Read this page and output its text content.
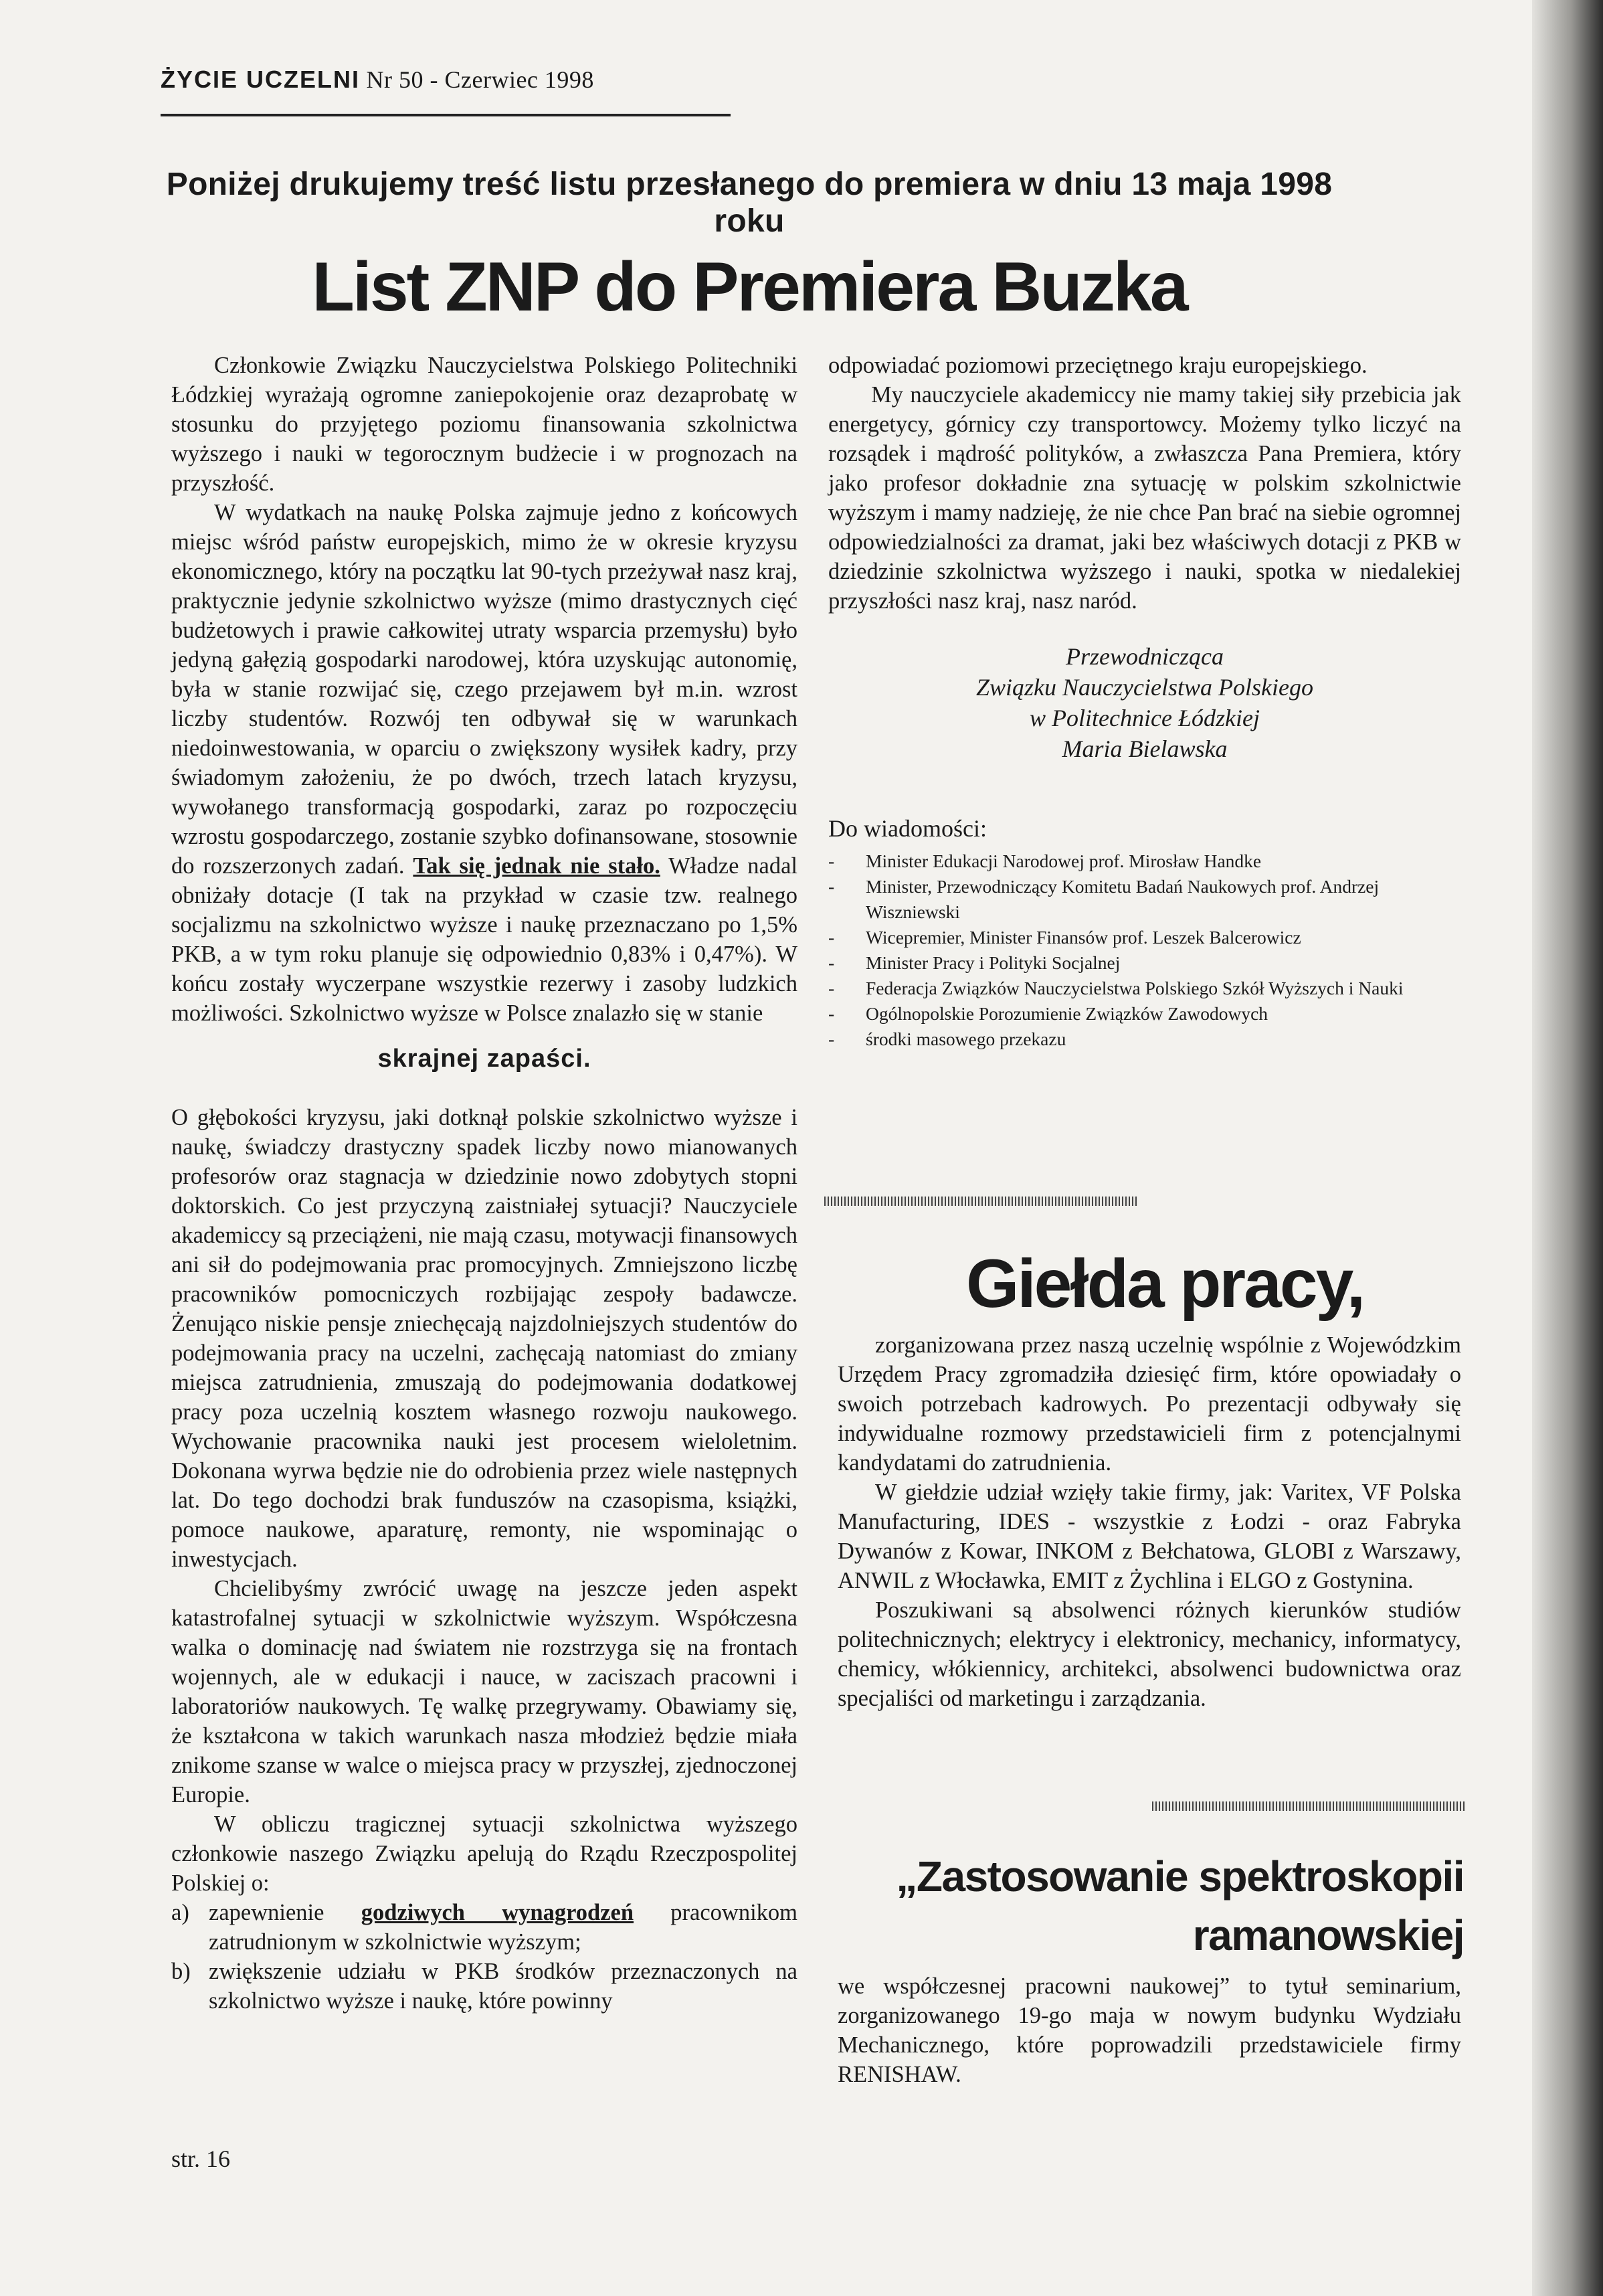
ŻYCIE UCZELNI Nr 50 - Czerwiec 1998
Poniżej drukujemy treść listu przesłanego do premiera w dniu 13 maja 1998 roku
List ZNP do Premiera Buzka

Członkowie Związku Nauczycielstwa Polskiego Politechniki Łódzkiej wyrażają ogromne zaniepokojenie oraz dezaprobatę w stosunku do przyjętego poziomu finansowania szkolnictwa wyższego i nauki w tegorocznym budżecie i w prognozach na przyszłość.

W wydatkach na naukę Polska zajmuje jedno z końcowych miejsc wśród państw europejskich, mimo że w okresie kryzysu ekonomicznego, który na początku lat 90-tych przeżywał nasz kraj, praktycznie jedynie szkolnictwo wyższe (mimo drastycznych cięć budżetowych i prawie całkowitej utraty wsparcia przemysłu) było jedyną gałęzią gospodarki narodowej, która uzyskując autonomię, była w stanie rozwijać się, czego przejawem był m.in. wzrost liczby studentów. Rozwój ten odbywał się w warunkach niedoinwestowania, w oparciu o zwiększony wysiłek kadry, przy świadomym założeniu, że po dwóch, trzech latach kryzysu, wywołanego transformacją gospodarki, zaraz po rozpoczęciu wzrostu gospodarczego, zostanie szybko dofinansowane, stosownie do rozszerzonych zadań. Tak się jednak nie stało. Władze nadal obniżały dotacje (I tak na przykład w czasie tzw. realnego socjalizmu na szkolnictwo wyższe i naukę przeznaczano po 1,5% PKB, a w tym roku planuje się odpowiednio 0,83% i 0,47%). W końcu zostały wyczerpane wszystkie rezerwy i zasoby ludzkich możliwości. Szkolnictwo wyższe w Polsce znalazło się w stanie

skrajnej zapaści.

O głębokości kryzysu, jaki dotknął polskie szkolnictwo wyższe i naukę, świadczy drastyczny spadek liczby nowo mianowanych profesorów oraz stagnacja w dziedzinie nowo zdobytych stopni doktorskich. Co jest przyczyną zaistniałej sytuacji? Nauczyciele akademiccy są przeciążeni, nie mają czasu, motywacji finansowych ani sił do podejmowania prac promocyjnych. Zmniejszono liczbę pracowników pomocniczych rozbijając zespoły badawcze. Żenująco niskie pensje zniechęcają najzdolniejszych studentów do podejmowania pracy na uczelni, zachęcają natomiast do zmiany miejsca zatrudnienia, zmuszają do podejmowania dodatkowej pracy poza uczelnią kosztem własnego rozwoju naukowego. Wychowanie pracownika nauki jest procesem wieloletnim. Dokonana wyrwa będzie nie do odrobienia przez wiele następnych lat. Do tego dochodzi brak funduszów na czasopisma, książki, pomoce naukowe, aparaturę, remonty, nie wspominając o inwestycjach.

Chcielibyśmy zwrócić uwagę na jeszcze jeden aspekt katastrofalnej sytuacji w szkolnictwie wyższym. Współczesna walka o dominację nad światem nie rozstrzyga się na frontach wojennych, ale w edukacji i nauce, w zaciszach pracowni i laboratoriów naukowych. Tę walkę przegrywamy. Obawiamy się, że kształcona w takich warunkach nasza młodzież będzie miała znikome szanse w walce o miejsca pracy w przyszłej, zjednoczonej Europie.

W obliczu tragicznej sytuacji szkolnictwa wyższego członkowie naszego Związku apelują do Rządu Rzeczpospolitej Polskiej o:

a) zapewnienie godziwych wynagrodzeń pracownikom zatrudnionym w szkolnictwie wyższym;
b) zwiększenie udziału w PKB środków przeznaczonych na szkolnictwo wyższe i naukę, które powinny
str. 16

odpowiadać poziomowi przeciętnego kraju europejskiego.

My nauczyciele akademiccy nie mamy takiej siły przebicia jak energetycy, górnicy czy transportowcy. Możemy tylko liczyć na rozsądek i mądrość polityków, a zwłaszcza Pana Premiera, który jako profesor dokładnie zna sytuację w polskim szkolnictwie wyższym i mamy nadzieję, że nie chce Pan brać na siebie ogromnej odpowiedzialności za dramat, jaki bez właściwych dotacji z PKB w dziedzinie szkolnictwa wyższego i nauki, spotka w niedalekiej przyszłości nasz kraj, nasz naród.

Przewodnicząca
Związku Nauczycielstwa Polskiego
w Politechnice Łódzkiej
Maria Bielawska
Do wiadomości:
-	Minister Edukacji Narodowej prof. Mirosław Handke
-	Minister, Przewodniczący Komitetu Badań Naukowych prof. Andrzej Wiszniewski
-	Wicepremier, Minister Finansów prof. Leszek Balcerowicz
-	Minister Pracy i Polityki Socjalnej
-	Federacja Związków Nauczycielstwa Polskiego Szkół Wyższych i Nauki
-	Ogólnopolskie Porozumienie Związków Zawodowych
-	środki masowego przekazu
Giełda pracy,

zorganizowana przez naszą uczelnię wspólnie z Wojewódzkim Urzędem Pracy zgromadziła dziesięć firm, które opowiadały o swoich potrzebach kadrowych. Po prezentacji odbywały się indywidualne rozmowy przedstawicieli firm z potencjalnymi kandydatami do zatrudnienia.

W giełdzie udział wzięły takie firmy, jak: Varitex, VF Polska Manufacturing, IDES - wszystkie z Łodzi - oraz Fabryka Dywanów z Kowar, INKOM z Bełchatowa, GLOBI z Warszawy, ANWIL z Włocławka, EMIT z Żychlina i ELGO z Gostynina.

Poszukiwani są absolwenci różnych kierunków studiów politechnicznych; elektrycy i elektronicy, mechanicy, informatycy, chemicy, włókiennicy, architekci, absolwenci budownictwa oraz specjaliści od marketingu i zarządzania.

„Zastosowanie spektroskopii
ramanowskiej
we współczesnej pracowni naukowej” to tytuł seminarium, zorganizowanego 19-go maja w nowym budynku Wydziału Mechanicznego, które poprowadzili przedstawiciele firmy RENISHAW.
